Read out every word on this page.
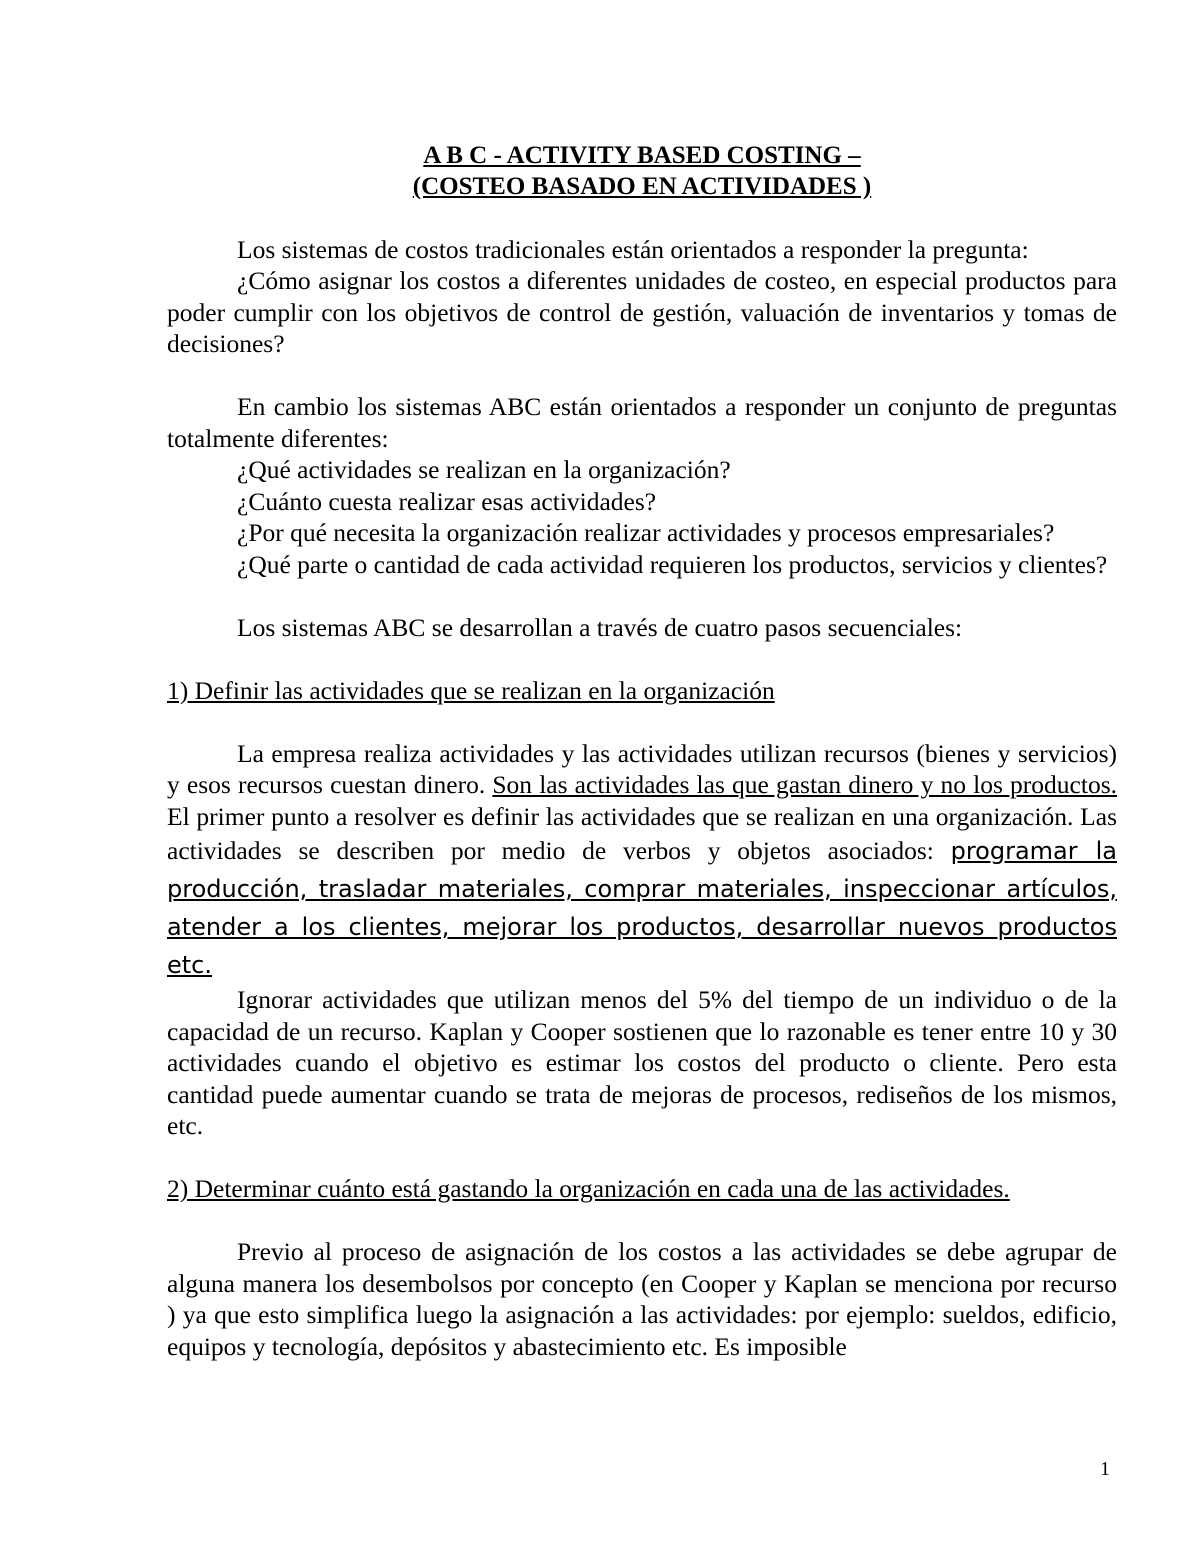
A B C - ACTIVITY BASED COSTING –

(COSTEO BASADO EN ACTIVIDADES )

Los sistemas de costos tradicionales están orientados a responder la pregunta:

¿Cómo asignar los costos a diferentes unidades de costeo, en especial productos para poder cumplir con los objetivos de control de gestión, valuación de inventarios y tomas de decisiones?

En cambio los sistemas ABC están orientados a responder un conjunto de preguntas totalmente diferentes:

¿Qué actividades se realizan en la organización?

¿Cuánto cuesta realizar esas actividades?

¿Por qué necesita la organización realizar actividades y procesos empresariales?

¿Qué parte o cantidad de cada actividad requieren los productos, servicios y clientes?

Los sistemas ABC se desarrollan a través de cuatro pasos secuenciales:

1) Definir las actividades que se realizan en la organización

La empresa realiza actividades y las actividades utilizan recursos (bienes y servicios) y esos recursos cuestan dinero. Son las actividades las que gastan dinero y no los productos. El primer punto a resolver es definir las actividades que se realizan en una organización. Las actividades se describen por medio de verbos y objetos asociados: programar la producción, trasladar materiales, comprar materiales, inspeccionar artículos, atender a los clientes, mejorar los productos, desarrollar nuevos productos etc.

Ignorar actividades que utilizan menos del 5% del tiempo de un individuo o de la capacidad de un recurso. Kaplan y Cooper sostienen que lo razonable es tener entre 10 y 30 actividades cuando el objetivo es estimar los costos del producto o cliente. Pero esta cantidad puede aumentar cuando se trata de mejoras de procesos, rediseños de los mismos, etc.

2) Determinar cuánto está gastando la organización en cada una de las actividades.

Previo al proceso de asignación de los costos a las actividades se debe agrupar de alguna manera los desembolsos por concepto (en Cooper y Kaplan se menciona por recurso ) ya que esto simplifica luego la asignación a las actividades: por ejemplo: sueldos, edificio, equipos y tecnología, depósitos y abastecimiento etc. Es imposible

1
